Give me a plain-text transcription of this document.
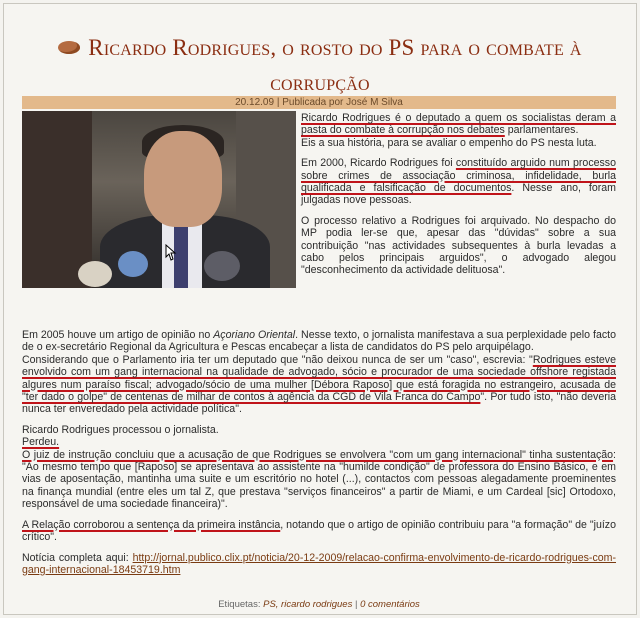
Ricardo Rodrigues, o rosto do PS para o combate à corrupção
20.12.09 | Publicada por José M Silva

Ricardo Rodrigues é o deputado a quem os socialistas deram a pasta do combate à corrupção nos debates parlamentares.

Eis a sua história, para se avaliar o empenho do PS nesta luta.

Em 2000, Ricardo Rodrigues foi constituído arguido num processo sobre crimes de associação criminosa, infidelidade, burla qualificada e falsificação de documentos. Nesse ano, foram julgadas nove pessoas.

O processo relativo a Rodrigues foi arquivado. No despacho do MP podia ler-se que, apesar das "dúvidas" sobre a sua contribuição "nas actividades subsequentes à burla levadas a cabo pelos principais arguidos", o advogado alegou "desconhecimento da actividade delituosa".

Em 2005 houve um artigo de opinião no Açoriano Oriental. Nesse texto, o jornalista manifestava a sua perplexidade pelo facto de o ex-secretário Regional da Agricultura e Pescas encabeçar a lista de candidatos do PS pelo arquipélago.

Considerando que o Parlamento iria ter um deputado que "não deixou nunca de ser um "caso", escrevia: "Rodrigues esteve envolvido com um gang internacional na qualidade de advogado, sócio e procurador de uma sociedade offshore registada algures num paraíso fiscal; advogado/sócio de uma mulher [Débora Raposo] que está foragida no estrangeiro, acusada de "ter dado o golpe" de centenas de milhar de contos à agência da CGD de Vila Franca do Campo". Por tudo isto, "não deveria nunca ter enveredado pela actividade política".

Ricardo Rodrigues processou o jornalista.

Perdeu.

O juiz de instrução concluiu que a acusação de que Rodrigues se envolvera "com um gang internacional" tinha sustentação: "Ao mesmo tempo que [Raposo] se apresentava ao assistente na "humilde condição" de professora do Ensino Básico, e em vias de aposentação, mantinha uma suite e um escritório no hotel (...), contactos com pessoas alegadamente proeminentes na finança mundial (entre eles um tal Z, que prestava "serviços financeiros" a partir de Miami, e um Cardeal [sic] Ortodoxo, responsável de uma sociedade financeira)".

A Relação corroborou a sentença da primeira instância, notando que o artigo de opinião contribuiu para "a formação" de "juízo crítico".

Notícia completa aqui: http://jornal.publico.clix.pt/noticia/20-12-2009/relacao-confirma-envolvimento-de-ricardo-rodrigues-com-gang-internacional-18453719.htm

Etiquetas: PS, ricardo rodrigues | 0 comentários
